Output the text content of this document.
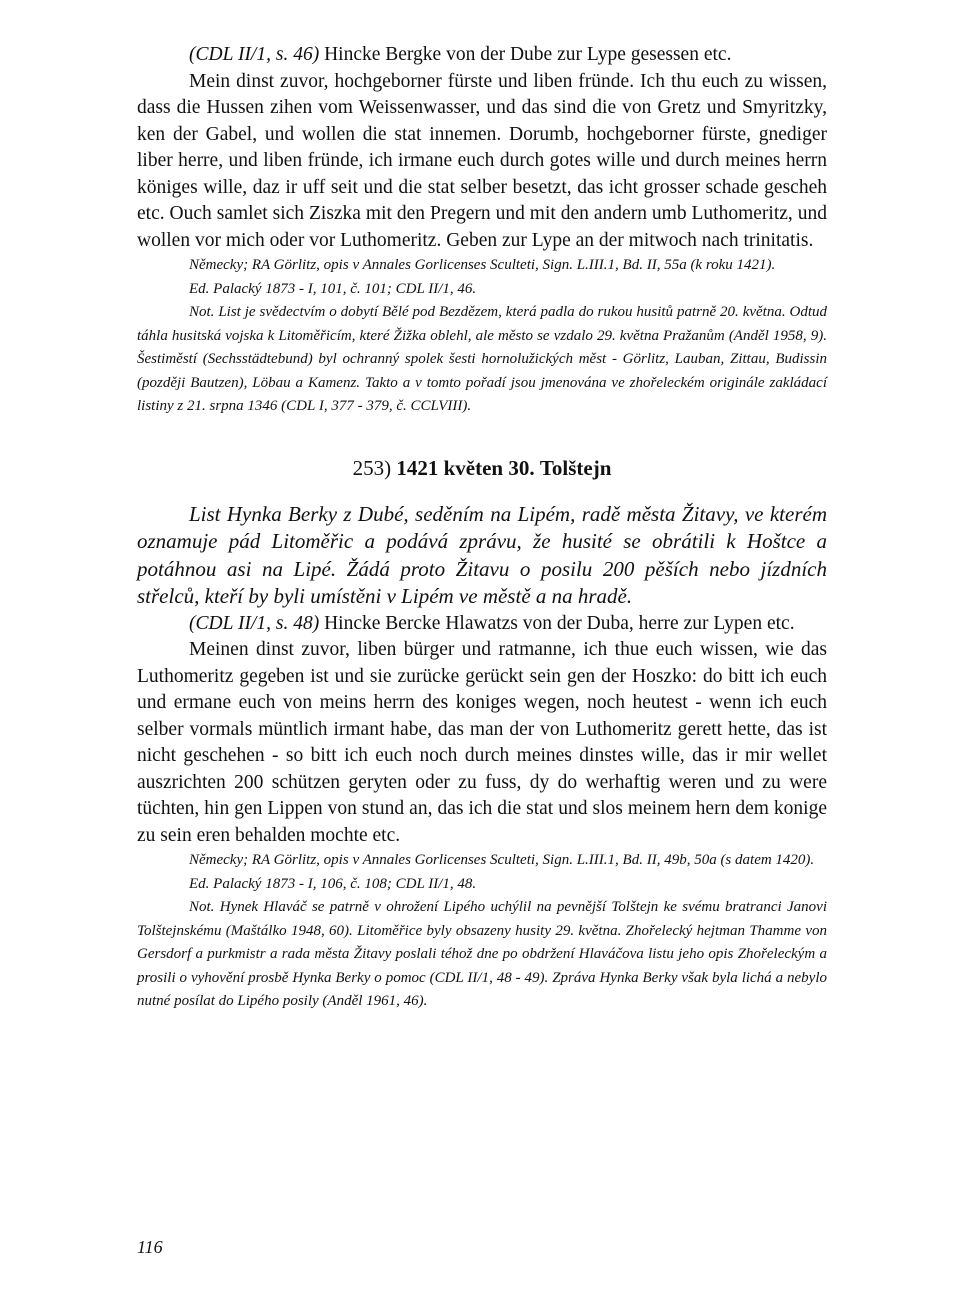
(CDL II/1, s. 46) Hincke Bergke von der Dube zur Lype gesessen etc.

Mein dinst zuvor, hochgeborner fürste und liben fründe. Ich thu euch zu wissen, dass die Hussen zihen vom Weissenwasser, und das sind die von Gretz und Smyritzky, ken der Gabel, und wollen die stat innemen. Dorumb, hochgeborner fürste, gnediger liber herre, und liben fründe, ich irmane euch durch gotes wille und durch meines herrn königes wille, daz ir uff seit und die stat selber besetzt, das icht grosser schade gescheh etc. Ouch samlet sich Ziszka mit den Pregern und mit den andern umb Luthomeritz, und wollen vor mich oder vor Luthomeritz. Geben zur Lype an der mitwoch nach trinitatis.

Německy; RA Görlitz, opis v Annales Gorlicenses Sculteti, Sign. L.III.1, Bd. II, 55a (k roku 1421).

Ed. Palacký 1873 - I, 101, č. 101; CDL II/1, 46.

Not. List je svědectvím o dobytí Bělé pod Bezdězem, která padla do rukou husitů patrně 20. května. Odtud táhla husitská vojska k Litoměřicím, které Žižka oblehl, ale město se vzdalo 29. května Pražanům (Anděl 1958, 9). Šestiměstí (Sechsstädtebund) byl ochranný spolek šesti hornolužických měst - Görlitz, Lauban, Zittau, Budissin (později Bautzen), Löbau a Kamenz. Takto a v tomto pořadí jsou jmenována ve zhořeleckém originále zakládací listiny z 21. srpna 1346 (CDL I, 377 - 379, č. CCLVIII).

253) 1421 květen 30. Tolštejn

List Hynka Berky z Dubé, seděním na Lipém, radě města Žitavy, ve kterém oznamuje pád Litoměřic a podává zprávu, že husité se obrátili k Hoštce a potáhnou asi na Lipé. Žádá proto Žitavu o posilu 200 pěších nebo jízdních střelců, kteří by byli umístěni v Lipém ve městě a na hradě.

(CDL II/1, s. 48) Hincke Bercke Hlawatzs von der Duba, herre zur Lypen etc.

Meinen dinst zuvor, liben bürger und ratmanne, ich thue euch wissen, wie das Luthomeritz gegeben ist und sie zurücke gerückt sein gen der Hoszko: do bitt ich euch und ermane euch von meins herrn des koniges wegen, noch heutest - wenn ich euch selber vormals müntlich irmant habe, das man der von Luthomeritz gerett hette, das ist nicht geschehen - so bitt ich euch noch durch meines dinstes wille, das ir mir wellet auszrichten 200 schützen geryten oder zu fuss, dy do werhaftig weren und zu were tüchten, hin gen Lippen von stund an, das ich die stat und slos meinem hern dem konige zu sein eren behalden mochte etc.

Německy; RA Görlitz, opis v Annales Gorlicenses Sculteti, Sign. L.III.1, Bd. II, 49b, 50a (s datem 1420).

Ed. Palacký 1873 - I, 106, č. 108; CDL II/1, 48.

Not. Hynek Hlaváč se patrně v ohrožení Lipého uchýlil na pevnější Tolštejn ke svému bratranci Janovi Tolštejnskému (Maštálko 1948, 60). Litoměřice byly obsazeny husity 29. května. Zhořelecký hejtman Thamme von Gersdorf a purkmistr a rada města Žitavy poslali téhož dne po obdržení Hlaváčova listu jeho opis Zhořeleckým a prosili o vyhovění prosbě Hynka Berky o pomoc (CDL II/1, 48 - 49). Zpráva Hynka Berky však byla lichá a nebylo nutné posílat do Lipého posily (Anděl 1961, 46).

116
